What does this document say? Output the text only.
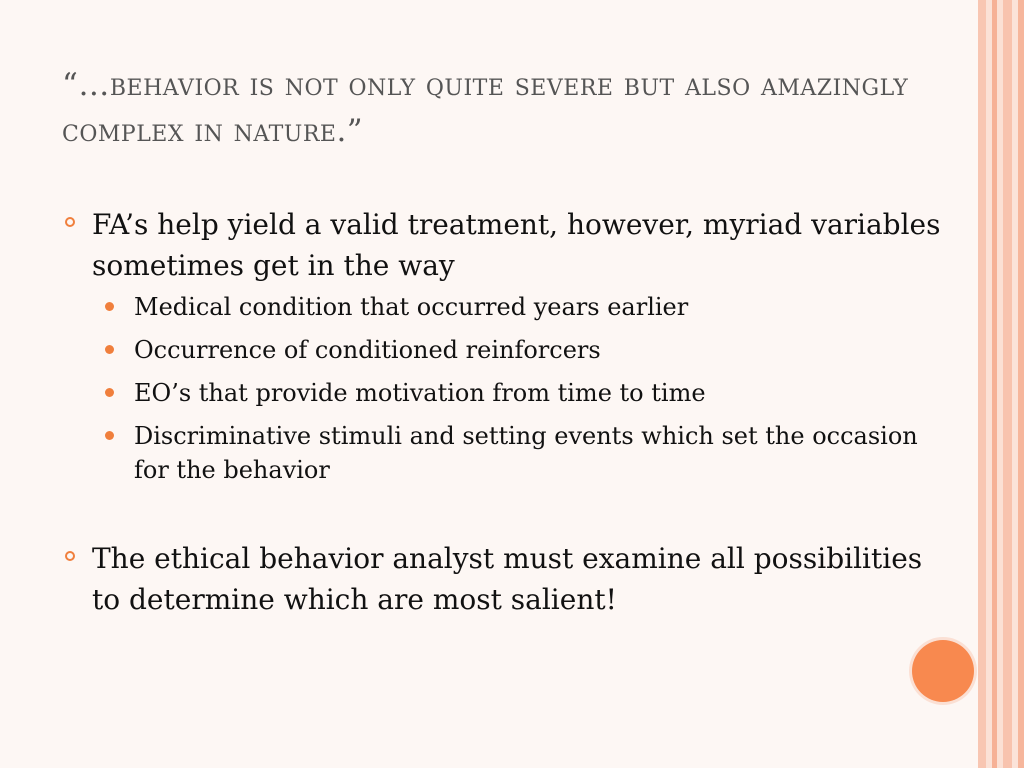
“…behavior is not only quite severe but also amazingly complex in nature.”
FA’s help yield a valid treatment, however, myriad variables sometimes get in the way
Medical condition that occurred years earlier
Occurrence of conditioned reinforcers
EO’s that provide motivation from time to time
Discriminative stimuli and setting events which set the occasion for the behavior
The ethical behavior analyst must examine all possibilities to determine which are most salient!
